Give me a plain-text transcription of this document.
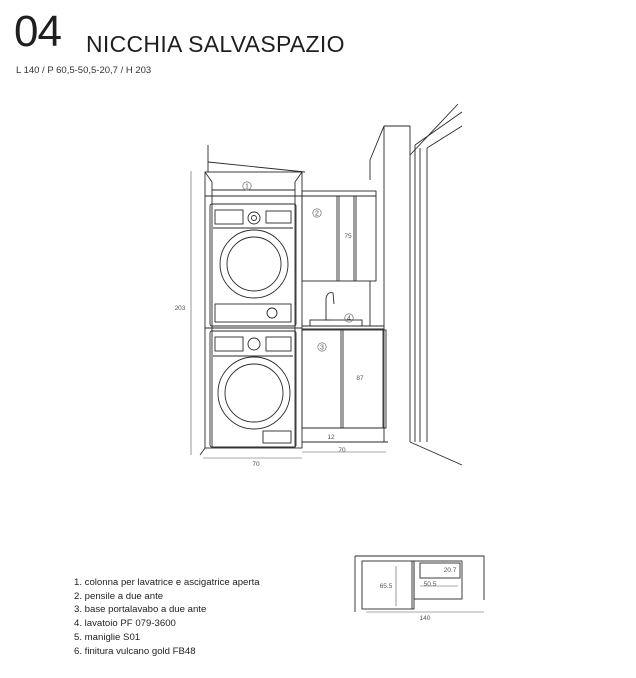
04 NICCHIA SALVASPAZIO
L 140 / P 60,5-50,5-20,7 / H 203
1
2
3
4
203
75
87
12
70
70
1. colonna per lavatrice e ascigatrice aperta
2. pensile a due ante
3. base portalavabo a due ante
4. lavatoio PF 079-3600
5. maniglie S01
6. finitura vulcano gold FB48
65.5	50.5
20.7
140
